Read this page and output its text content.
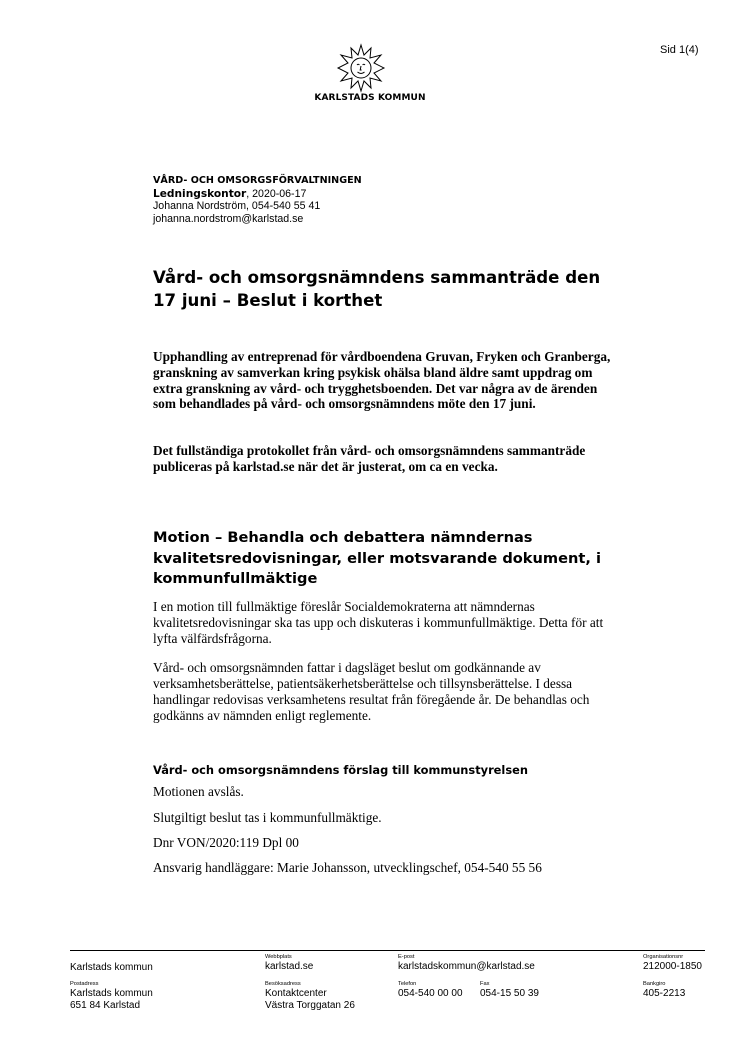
Sid 1(4)
KARLSTADS KOMMUN
VÅRD- OCH OMSORGSFÖRVALTNINGEN
Ledningskontor, 2020-06-17
Johanna Nordström, 054-540 55 41
johanna.nordstrom@karlstad.se
Vård- och omsorgsnämndens sammanträde den
17 juni – Beslut i korthet

Upphandling av entreprenad för vårdboendena Gruvan, Fryken och Granberga, granskning av samverkan kring psykisk ohälsa bland äldre samt uppdrag om extra granskning av vård- och trygghetsboenden. Det var några av de ärenden som behandlades på vård- och omsorgsnämndens möte den 17 juni.

Det fullständiga protokollet från vård- och omsorgsnämndens sammanträde publiceras på karlstad.se när det är justerat, om ca en vecka.

Motion – Behandla och debattera nämndernas kvalitetsredovisningar, eller motsvarande dokument, i kommunfullmäktige

I en motion till fullmäktige föreslår Socialdemokraterna att nämndernas kvalitetsredovisningar ska tas upp och diskuteras i kommunfullmäktige. Detta för att lyfta välfärdsfrågorna.

Vård- och omsorgsnämnden fattar i dagsläget beslut om godkännande av verksamhetsberättelse, patientsäkerhetsberättelse och tillsynsberättelse. I dessa handlingar redovisas verksamhetens resultat från föregående år. De behandlas och godkänns av nämnden enligt reglemente.

Vård- och omsorgsnämndens förslag till kommunstyrelsen
Motionen avslås.
Slutgiltigt beslut tas i kommunfullmäktige.
Dnr VON/2020:119 Dpl 00
Ansvarig handläggare: Marie Johansson, utvecklingschef, 054-540 55 56
Karlstads kommun
Webbplats
karlstad.se
E-post
karlstadskommun@karlstad.se
Organisationsnr
212000-1850
Postadress
Karlstads kommun
651 84 Karlstad
Besöksadress
Kontaktcenter
Västra Torggatan 26
Telefon
054-540 00 00
Fax
054-15 50 39
Bankgiro
405-2213
